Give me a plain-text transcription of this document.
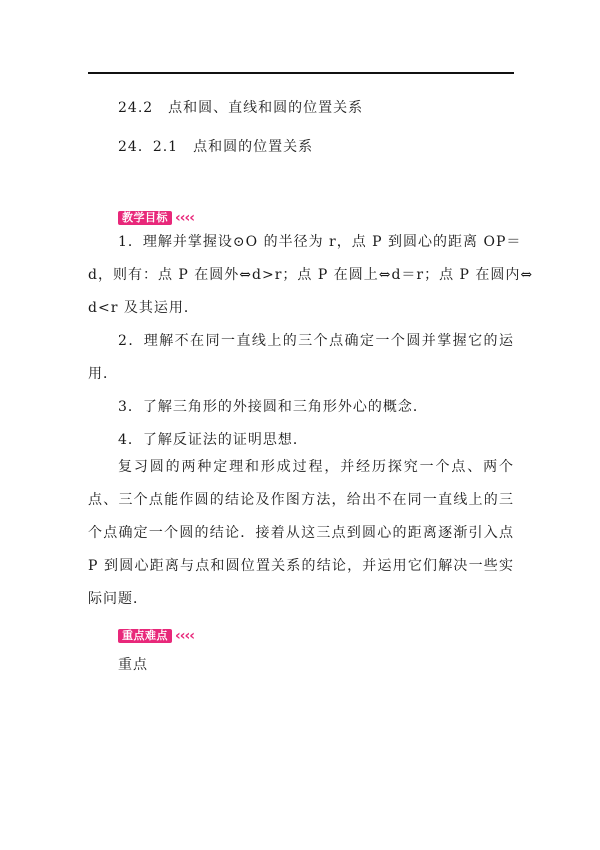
24.2　点和圆、直线和圆的位置关系
24．2.1　点和圆的位置关系
教学目标 ‹‹‹‹
1．理解并掌握设⊙O 的半径为 r，点 P 到圆心的距离 OP＝
d，则有：点 P 在圆外⇔d>r；点 P 在圆上⇔d＝r；点 P 在圆内⇔
d<r 及其运用．
2．理解不在同一直线上的三个点确定一个圆并掌握它的运
用．
3．了解三角形的外接圆和三角形外心的概念．
4．了解反证法的证明思想．
复习圆的两种定理和形成过程，并经历探究一个点、两个
点、三个点能作圆的结论及作图方法，给出不在同一直线上的三
个点确定一个圆的结论．接着从这三点到圆心的距离逐渐引入点
P 到圆心距离与点和圆位置关系的结论，并运用它们解决一些实
际问题．
重点难点 ‹‹‹‹
重点
